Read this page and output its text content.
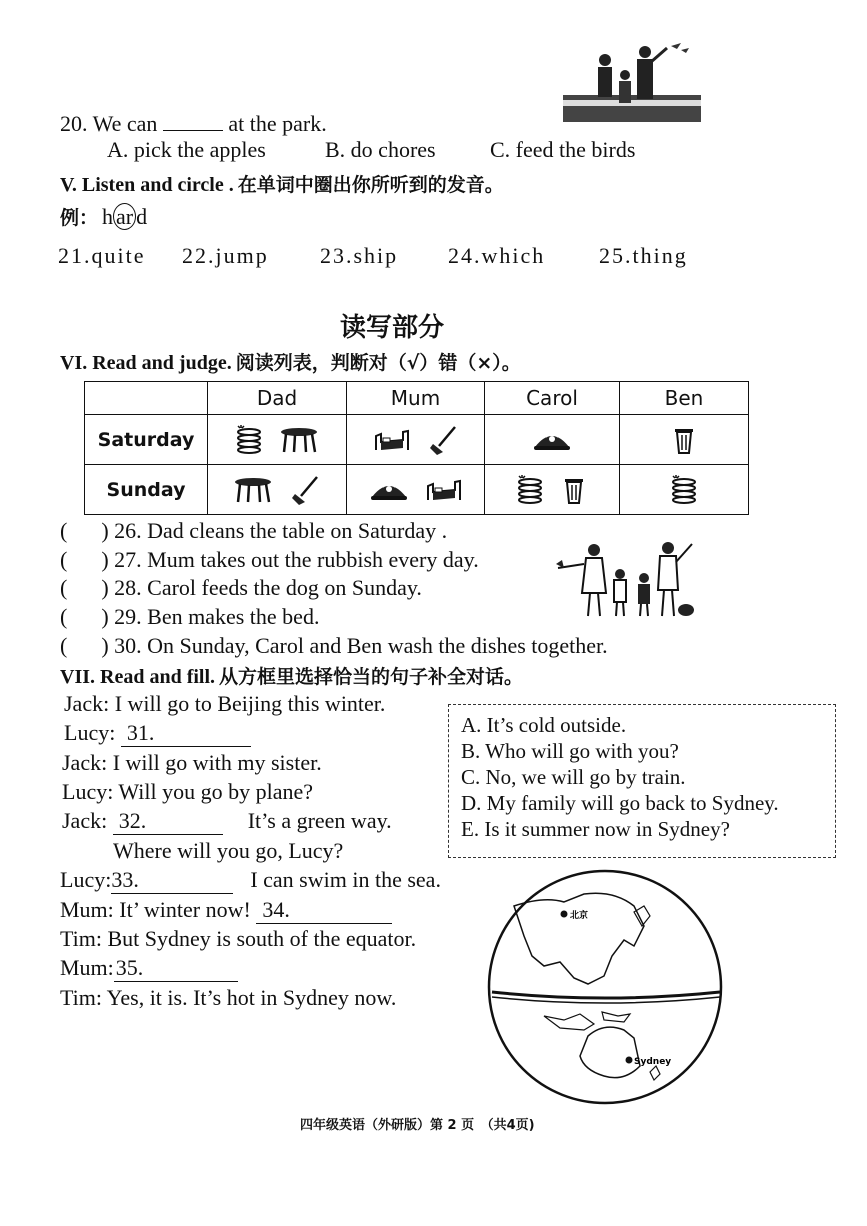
20. We can	at the park.
A. pick the apples	B. do chores C. feed the birds
V. Listen and circle . 在单词中圈出你所听到的发音。
例： h ar d
21.quite 22.jump 23.ship 24.which 25.thing
读写部分
VI. Read and judge. 阅读列表，判断对（√）错（×）。
	Dad	Mum	Carol	Ben
Saturday				
Sunday				
( ) 26. Dad cleans the table on Saturday .
( ) 27. Mum takes out the rubbish every day.
( ) 28. Carol feeds the dog on Sunday.
( ) 29. Ben makes the bed.
( ) 30. On Sunday, Carol and Ben wash the dishes together.
VII. Read and fill. 从方框里选择恰当的句子补全对话。
Jack: I will go to Beijing this winter.
Lucy: 31.
Jack: I will go with my sister.
Lucy: Will you go by plane?
Jack: 32.	It’s a green way.
Where will you go, Lucy?
Lucy:33.	I can swim in the sea.
Mum: It’ winter now! 34.
Tim: But Sydney is south of the equator.
Mum:35.
Tim: Yes, it is. It’s hot in Sydney now.
A. It’s cold outside.
B. Who will go with you?
C. No, we will go by train.
D. My family will go back to Sydney.
E. Is it summer now in Sydney?
北京
Sydney
四年级英语（外研版）第 2 页　（共4页)
